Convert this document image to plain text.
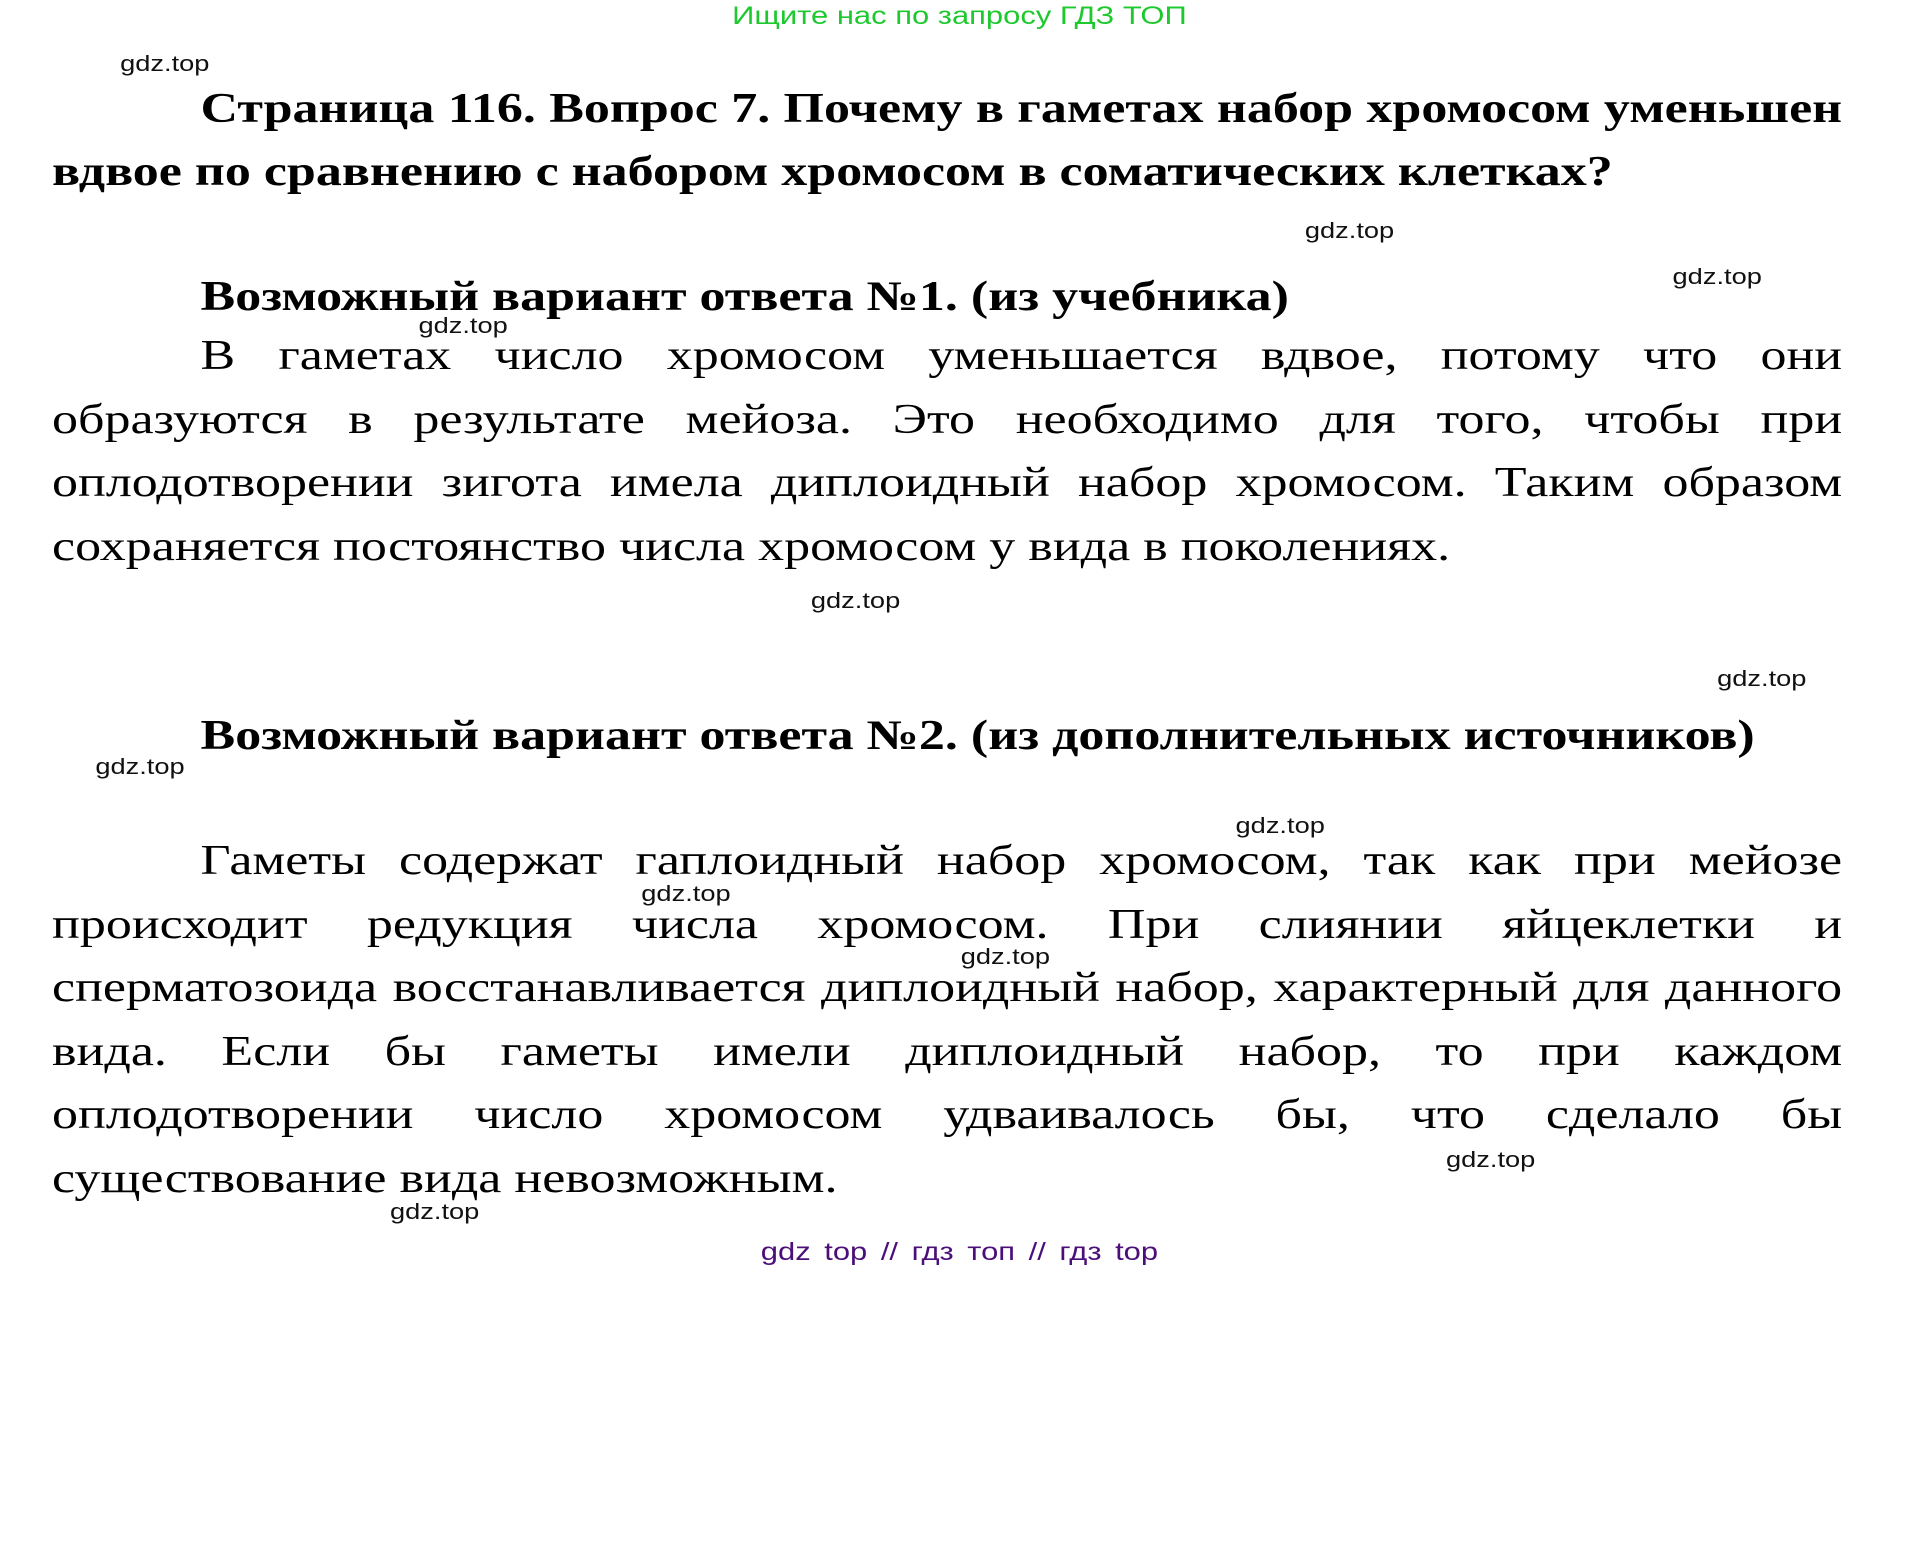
Ищите нас по запросу ГДЗ ТОП
Страница 116. Вопрос 7. Почему в гаметах набор хромосом уменьшен вдвое по сравнению с набором хромосом в соматических клетках?
Возможный вариант ответа №1. (из учебника)
В гаметах число хромосом уменьшается вдвое, потому что они образуются в результате мейоза. Это необходимо для того, чтобы при оплодотворении зигота имела диплоидный набор хромосом. Таким образом сохраняется постоянство числа хромосом у вида в поколениях.
Возможный вариант ответа №2. (из дополнительных источников)
Гаметы содержат гаплоидный набор хромосом, так как при мейозе происходит редукция числа хромосом. При слиянии яйцеклетки и сперматозоида восстанавливается диплоидный набор, характерный для данного вида. Если бы гаметы имели диплоидный набор, то при каждом оплодотворении число хромосом удваивалось бы, что сделало бы существование вида невозможным.
gdz.top
gdz.top
gdz.top
gdz.top
gdz.top
gdz.top
gdz.top
gdz.top
gdz.top
gdz.top
gdz.top
gdz.top
gdz top // гдз топ // гдз top
